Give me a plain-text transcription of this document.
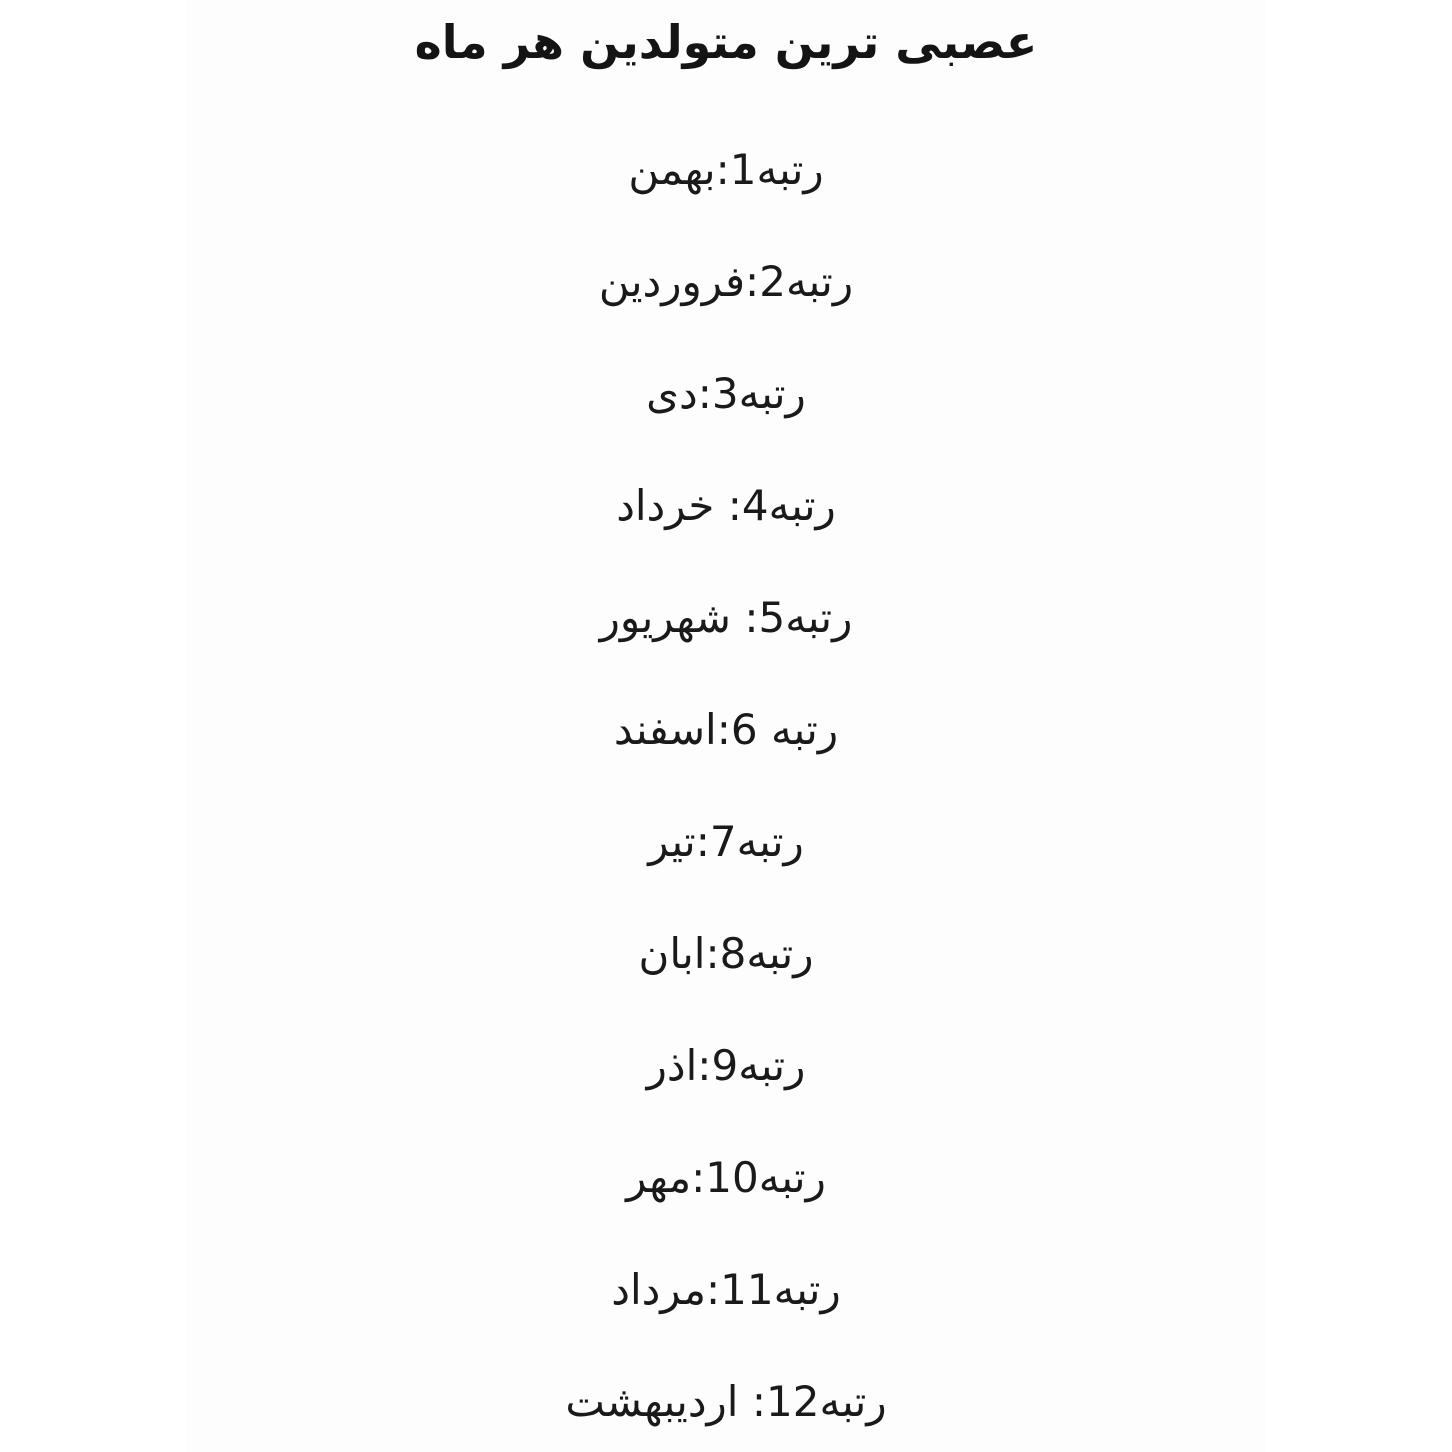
عصبی ترین متولدین هر ماه
رتبه1:بهمن
رتبه2:فروردین
رتبه3:دی
رتبه4: خرداد
رتبه5: شهریور
رتبه 6:اسفند
رتبه7:تیر
رتبه8:ابان
رتبه9:اذر
رتبه10:مهر
رتبه11:مرداد
رتبه12: اردیبهشت
